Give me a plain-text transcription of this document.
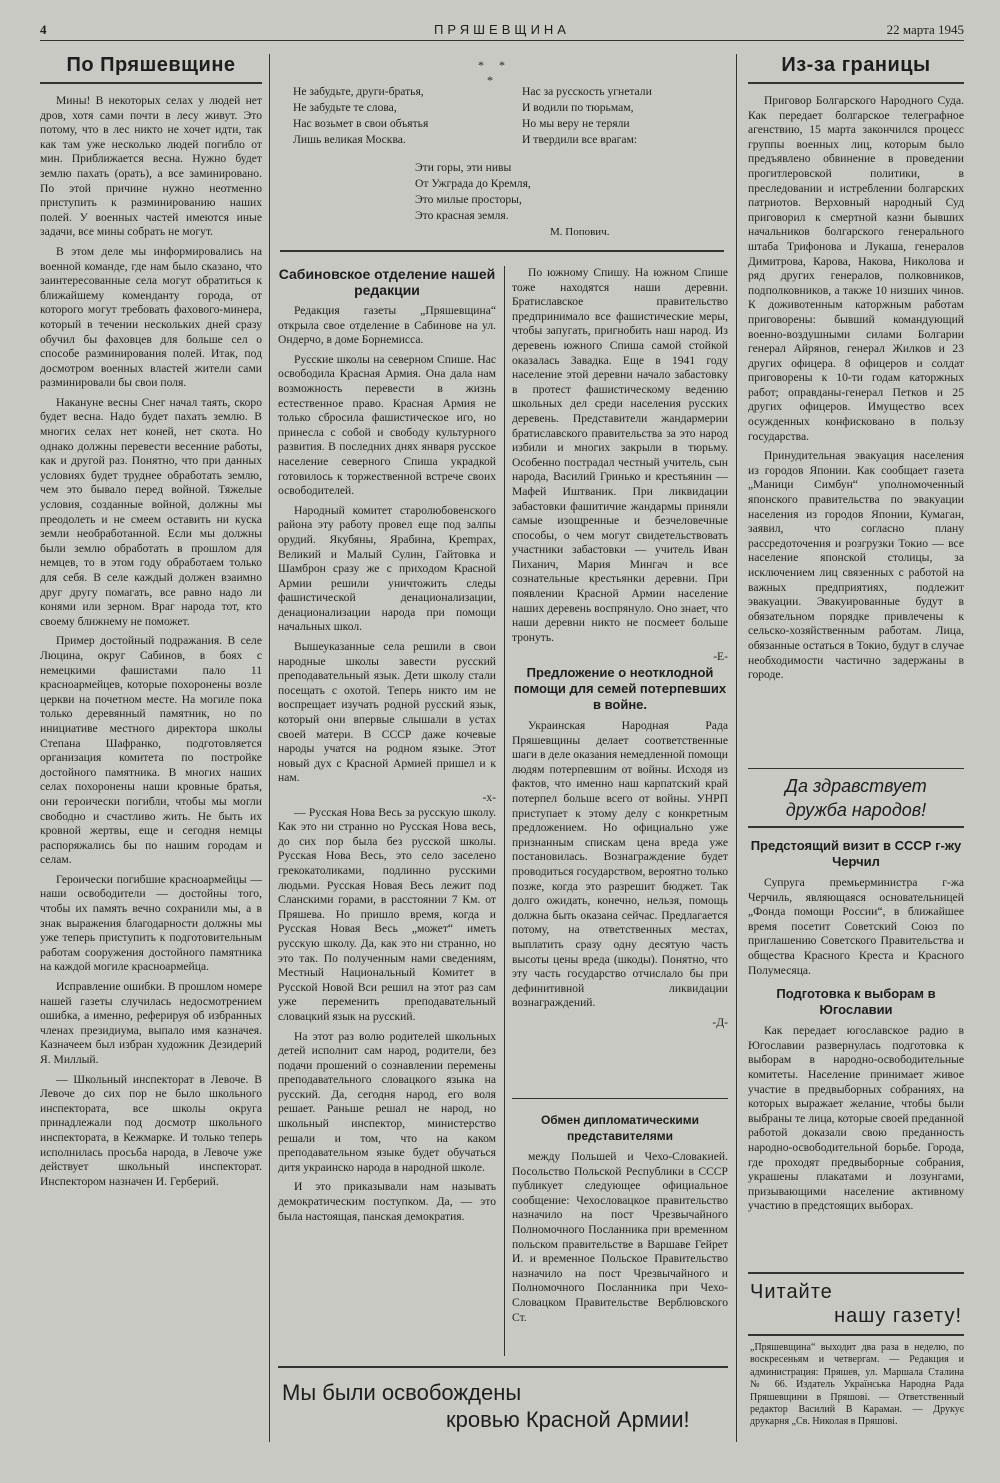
4	ПРЯШЕВЩИНА	22 марта 1945
По Пряшевщине

Мины! В некоторых селах у людей нет дров, хотя сами почти в лесу живут. Это потому, что в лес никто не хочет идти, так как там уже несколько людей погибло от мин. Приближается весна. Нужно будет землю пахать (орать), а все заминировано. По этой причине нужно неотменно приступить к разминированию наших полей. У военных частей имеются иные задачи, все мины собрать не могут.

В этом деле мы информировались на военной команде, где нам было сказано, что заинтересованные села могут обратиться к ближайшему коменданту города, от которого могут требовать фахового-минера, который в течении нескольких дней сразу обучил бы фаховцев для больше сел о способе разминирования полей. Итак, под досмотром военных властей жители сами разминировали бы свои поля.

Накануне весны Снег начал таять, скоро будет весна. Надо будет пахать землю. В многих селах нет коней, нет скота. Но однако должны перевести весенние работы, как и другой раз. Понятно, что при данных условиях будет труднее обработать землю, чем это бывало перед войной. Тяжелые условия, созданные войной, должны мы преодолеть и не смеем оставить ни куска земли необработанной. Если мы должны были землю обработать в прошлом для немцев, то в этом году обработаем только для себя. В селе каждый должен взаимно друг другу помагать, все равно надо ли конями или зерном. Враг народа тот, кто своему ближнему не поможет.

Пример достойный подражания. В селе Люцина, округ Сабинов, в боях с немецкими фашистами пало 11 красноармейцев, которые похоронены возле церкви на почетном месте. На могиле пока только деревянный памятник, но по инициативе местного директора школы Степана Шафранко, подготовляется организация комитета по постройке достойного памятника. В многих наших селах похоронены наши кровные братья, они героически погибли, чтобы мы могли свободно и счастливо жить. Не быть их кровной жертвы, еще и сегодня немцы распоряжались бы по нашим городам и селам.

Героически погибшие красноармейцы — наши освободители — достойны того, чтобы их память вечно сохранили мы, а в знак выражения благодарности должны мы уже теперь приступить к подготовительным работам сооружения достойного памятника на каждой могиле красноармейца.

Исправление ошибки. В прошлом номере нашей газеты случилась недосмотрением ошибка, а именно, реферируя об избранных членах президиума, выпало имя казначея. Казначеем был избран художник Дезидерий Я. Миллый.

— Школьный инспекторат в Левоче. В Левоче до сих пор не было школьного инспектората, все школы округа принадлежали под досмотр школьного инспектората, в Кежмарке. И только теперь исполнилась просьба народа, в Левоче уже действует школьный инспекторат. Инспектором назначен И. Герберий.

* *
*
Не забудьте, други-братья,
Не забудьте те слова,
Нас возьмет в свои объятья
Лишь великая Москва.
Нас за русскость угнетали
И водили по тюрьмам,
Но мы веру не теряли
И твердили все врагам:
Эти горы, эти нивы
От Ужграда до Кремля,
Это милые просторы,
Это красная земля.
М. Попович.
Сабиновское отделение нашей редакции

Редакция газеты „Пряшевщина“ открыла свое отделение в Сабинове на ул. Ондерчо, в доме Борнемисса.

Русские школы на северном Спише. Нас освободила Красная Армия. Она дала нам возможность перевести в жизнь естественное право. Красная Армия не только сбросила фашистическое иго, но принесла с собой и свободу культурного развития. В последних днях января русское население северного Спиша украдкой готовилось к торжественной встрече своих освободителей.

Народный комитет старолюбовенского района эту работу провел еще под залпы орудий. Якубяны, Ярабина, Крempах, Великий и Малый Сулин, Гайтовка и Шамброн сразу же с приходом Красной Армии решили уничтожить следы фашистической денационализации, денационализации народа при помощи начальных школ.

Вышеуказанные села решили в свои народные школы завести русский преподавательный язык. Дети школу стали посещать с охотой. Теперь никто им не воспрещает изучать родной русский язык, который они впервые слышали в устах своей матери. В СССР даже кочевые народы учатся на родном языке. Этот новый дух с Красной Армией пришел и к нам.

-х-

— Русская Нова Весь за русскую школу. Как это ни странно но Русская Нова весь, до сих пор была без русской школы. Русская Нова Весь, это село заселено грекокатоликами, подлинно русскими людьми. Русская Новая Весь лежит под Сланскими горами, в расстоянии 7 Км. от Пряшева. Но пришло время, когда и Русская Новая Весь „может“ иметь русскую школу. Да, как это ни странно, но это так. По полученным нами сведениям, Местный Национальный Комитет в Русской Новой Вси решил на этот раз сам уже переменить преподавательный словацкий язык на русский.

На этот раз волю родителей школьных детей исполнит сам народ, родители, без подачи прошений о сознавлении перемены преподавательного словацкого языка на русский. Да, сегодня народ, его воля решает. Раньше решал не народ, но школьный инспектор, министерство решали и том, что на каком преподавательном языке будет обучаться дитя украинско народа в народной школе.

И это приказывали нам называть демократическим поступком. Да, — это была настоящая, панская демократия.

По южному Спишу. На южном Спише тоже находятся наши деревни. Братиславское правительство предпринимало все фашистические меры, чтобы запугать, пригнобить наш народ. Из деревень южного Спиша самой стойкой оказалась Завадка. Еще в 1941 году население этой деревни начало забастовку в протест фашистическому ведению школьных дел среди населения русских деревень. Представители жандармерии братиславского правительства за это народ избили и многих закрыли в тюрьму. Особенно пострадал честный учитель, сын народа, Василий Гринько и крестьянин — Мафей Иштваник. При ликвидации забастовки фашитичие жандармы приняли самые изощренные и безчеловечные способы, о чем могут свидетельствовать участники забастовки — учитель Иван Пиханич, Мария Мингач и все сознательные крестьянки деревни. При появлении Красной Армии население наших деревень воспрянуло. Оно знает, что наши деревни никто не посмеет больше тронуть.

-Е-
Предложение о неотклодной помощи для семей потерпевших в войне.

Украинская Народная Рада Пряшевщины делает соответственные шаги в деле оказания немедленной помощи людям потерпевшим от войны. Исходя из фактов, что именно наш карпатский край потерпел больше всего от войны. УНРП приступает к этому делу с конкретным предложением. Но официально уже признанным спискам цена вреда уже постановилась. Вознаграждение будет проводиться государством, вероятно только позже, когда это разрешит бюджет. Так долго ожидать, конечно, нельзя, помощь должна быть оказана сейчас. Предлагается потому, на ответственных местах, выплатить сразу одну десятую часть высоты цены вреда (шкоды). Понятно, что эту часть государство отчислало бы при дефинитивной ликвидации вознаграждений.

-Д-
Обмен дипломатическими представителями

между Польшей и Чехо-Словакией. Посольство Польской Республики в СССР публикует следующее официальное сообщение: Чехословацкое правительство назначило на пост Чрезвычайного Полномочного Посланника при временном польском правительстве в Варшаве Гейрет И. и временное Польское Правительство назначило на пост Чрезвычайного и Полномочного Посланника при Чехо-Словацком Правительстве Верблювского Ст.

Мы были освобождены
кровью Красной Армии!
Из-за границы

Приговор Болгарского Народного Суда. Как передает болгарское телеграфное агенствию, 15 марта закончился процесс группы военных лиц, которым было предъявлено обвинение в проведении прогитлеровской политики, в преследовании и истреблении болгарских патриотов. Верховный народный Суд приговорил к смертной казни бывших начальников болгарского генерального штаба Трифонова и Лукаша, генералов Димитрова, Карова, Накова, Николова и ряд других генералов, полковников, подполковников, а также 10 низших чинов. К доживотенным каторжным работам приговорены: бывший командующий военно-воздушными силами Болгарии генерал Айрянов, генерал Жилков и 23 других офицера. 8 офицеров и солдат приговорены к 10-ти годам каторжных работ; оправданы-генерал Петков и 25 других офицеров. Имущество всех осужденных конфисковано в пользу государства.

Принудительная эвакуация населения из городов Японии. Как сообщает газета „Маници Симбун“ уполномоченный японского правительства по эвакуации населения из городов Японии, Кумаган, заявил, что согласно плану рассредоточения и розгрузки Токио — все население японской столицы, за исключением лиц связенных с работой на важных предприятиях, подлежит эвакуации. Эвакуированные будут в обязательном порядке привлечены к сельско-хозяйственным работам. Лица, обязанные остаться в Токио, будут в случае необходимости частично задержаны в городе.

Да здравствует
дружба народов!
Предстоящий визит в СССР г-жу Черчил

Супруга премьерминистра г-жа Черчиль, являющаяся основательницей „Фонда помощи России“, в ближайшее время посетит Советский Союз по приглашению Советского Правительства и общества Красного Креста и Красного Полумесяца.

Подготовка к выборам в Югославии

Как передает югославское радио в Югославии развернулась подготовка к выборам в народно-освободительные комитеты. Население принимает живое участие в предвыборных собраниях, на которых выражает желание, чтобы были выбраны те лица, которые своей преданной работой доказали свою преданность народно-освободительной борьбе. Города, где проходят предвыборные собрания, украшены плакатами и лозунгами, призывающими население активному участию в предстоящих выборах.

Читайте
нашу газету!
„Пряшевщина“ выходит два раза в неделю, по воскресеньям и четвергам. — Редакция и администрация: Пряшев, ул. Маршала Сталина № 66. Издатель Украïнська Народна Рада Пряшевщини в Пряшові. — Ответственный редактор Василий В Караман. — Друкує друкарня „Св. Николая в Пряшові.
